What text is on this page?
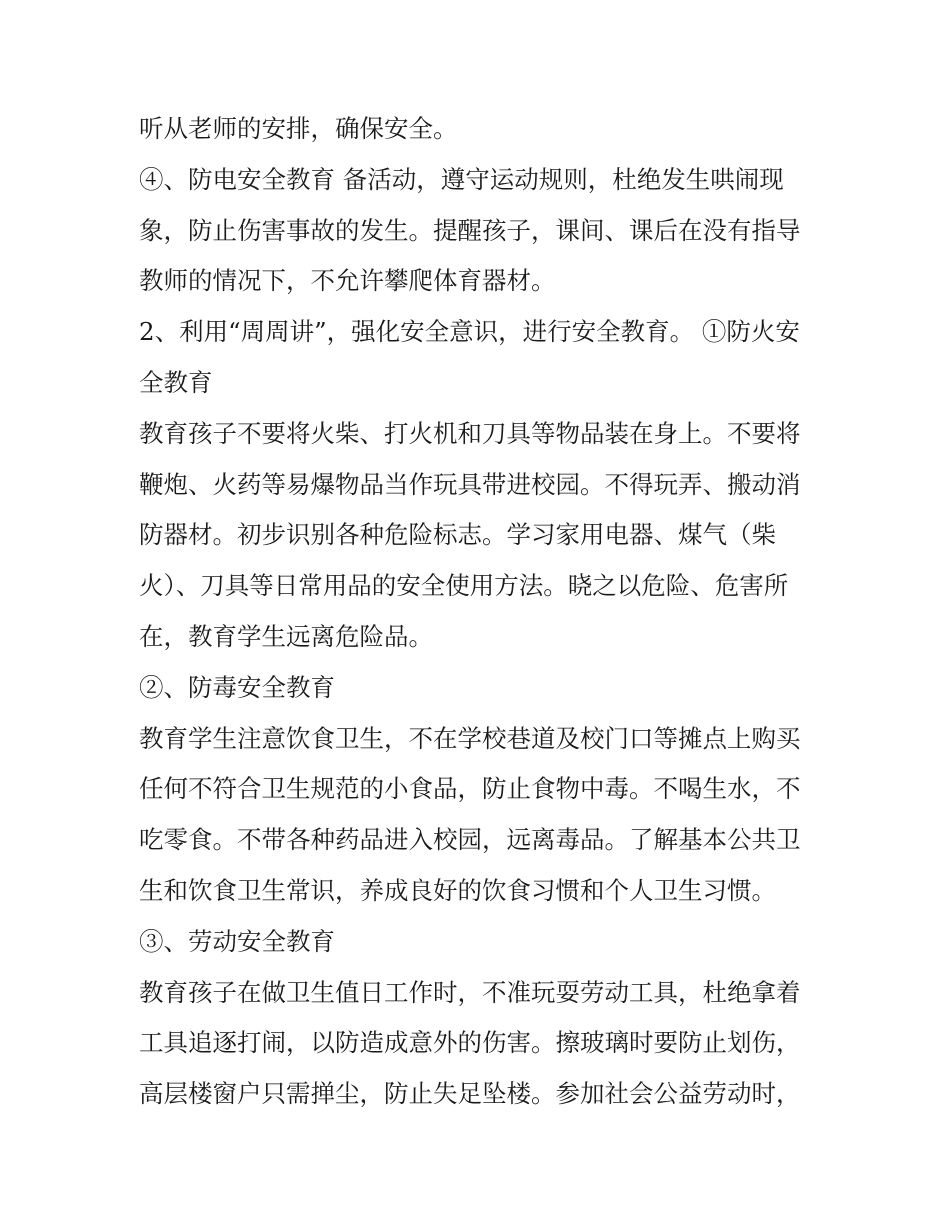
听从老师的安排，确保安全。
④、防电安全教育 备活动，遵守运动规则，杜绝发生哄闹现
象，防止伤害事故的发生。提醒孩子，课间、课后在没有指导
教师的情况下，不允许攀爬体育器材。
2、利用“周周讲”，强化安全意识，进行安全教育。 ①防火安
全教育
教育孩子不要将火柴、打火机和刀具等物品装在身上。不要将
鞭炮、火药等易爆物品当作玩具带进校园。不得玩弄、搬动消
防器材。初步识别各种危险标志。学习家用电器、煤气（柴
火）、刀具等日常用品的安全使用方法。晓之以危险、危害所
在，教育学生远离危险品。
②、防毒安全教育
教育学生注意饮食卫生，不在学校巷道及校门口等摊点上购买
任何不符合卫生规范的小食品，防止食物中毒。不喝生水，不
吃零食。不带各种药品进入校园，远离毒品。了解基本公共卫
生和饮食卫生常识，养成良好的饮食习惯和个人卫生习惯。
③、劳动安全教育
教育孩子在做卫生值日工作时，不准玩耍劳动工具，杜绝拿着
工具追逐打闹，以防造成意外的伤害。擦玻璃时要防止划伤，
高层楼窗户只需掸尘，防止失足坠楼。参加社会公益劳动时，
